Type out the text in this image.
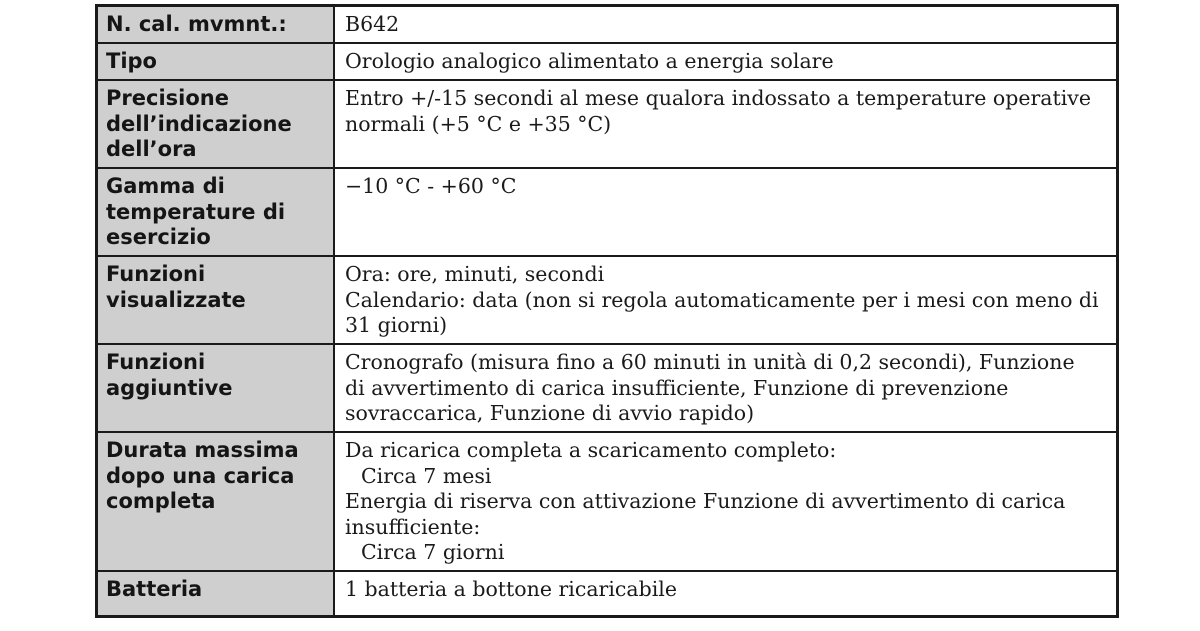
N. cal. mvmnt.:	B642

Tipo	Orologio analogico alimentato a energia solare

Precisione
dell’indicazione
dell’ora	Entro +/-15 secondi al mese qualora indossato a temperature operative
normali (+5 °C e +35 °C)

Gamma di
temperature di
esercizio	−10 °C - +60 °C

Funzioni
visualizzate	Ora: ore, minuti, secondi
Calendario: data (non si regola automaticamente per i mesi con meno di
31 giorni)

Funzioni
aggiuntive	Cronografo (misura fino a 60 minuti in unità di 0,2 secondi), Funzione
di avvertimento di carica insufficiente, Funzione di prevenzione
sovraccarica, Funzione di avvio rapido)

Durata massima
dopo una carica
completa	Da ricarica completa a scaricamento completo:
Circa 7 mesi
Energia di riserva con attivazione Funzione di avvertimento di carica
insufficiente:
Circa 7 giorni

Batteria	1 batteria a bottone ricaricabile
